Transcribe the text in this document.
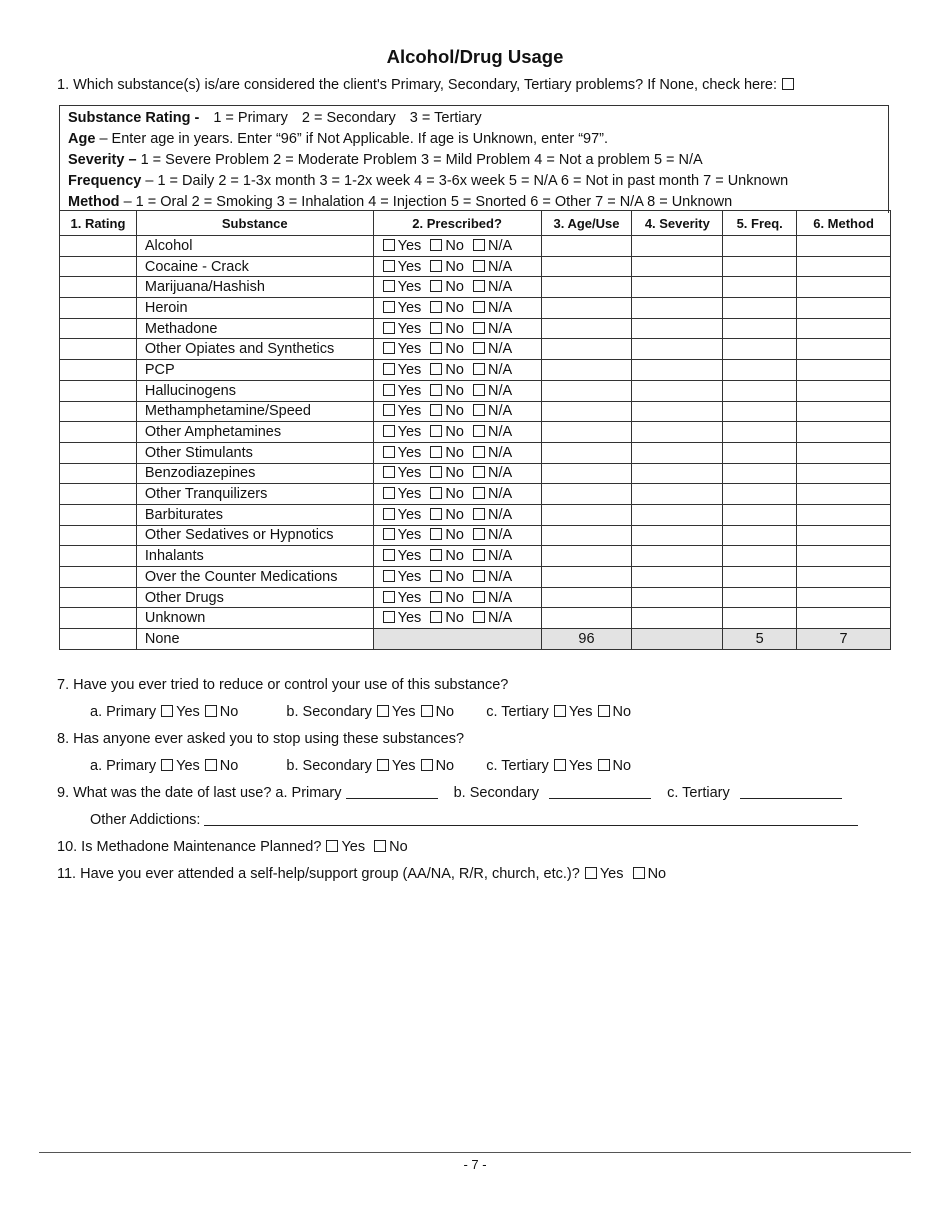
Alcohol/Drug Usage
1. Which substance(s) is/are considered the client's Primary, Secondary, Tertiary problems? If None, check here:
Substance Rating - 1 = Primary 2 = Secondary 3 = Tertiary
Age – Enter age in years. Enter “96” if Not Applicable. If age is Unknown, enter “97”.
Severity – 1 = Severe Problem 2 = Moderate Problem 3 = Mild Problem 4 = Not a problem 5 = N/A
Frequency – 1 = Daily 2 = 1-3x month 3 = 1-2x week 4 = 3-6x week 5 = N/A 6 = Not in past month 7 = Unknown
Method – 1 = Oral 2 = Smoking 3 = Inhalation 4 = Injection 5 = Snorted 6 = Other 7 = N/A 8 = Unknown
1. Rating	Substance	2. Prescribed?	3. Age/Use	4. Severity	5. Freq.	6. Method
	Alcohol	Yes No N/A				
	Cocaine - Crack	Yes No N/A				
	Marijuana/Hashish	Yes No N/A				
	Heroin	Yes No N/A				
	Methadone	Yes No N/A				
	Other Opiates and Synthetics	Yes No N/A				
	PCP	Yes No N/A				
	Hallucinogens	Yes No N/A				
	Methamphetamine/Speed	Yes No N/A				
	Other Amphetamines	Yes No N/A				
	Other Stimulants	Yes No N/A				
	Benzodiazepines	Yes No N/A				
	Other Tranquilizers	Yes No N/A				
	Barbiturates	Yes No N/A				
	Other Sedatives or Hypnotics	Yes No N/A				
	Inhalants	Yes No N/A				
	Over the Counter Medications	Yes No N/A				
	Other Drugs	Yes No N/A				
	Unknown	Yes No N/A				
	None		96		5	7
7. Have you ever tried to reduce or control your use of this substance?
a. Primary Yes No	b. Secondary Yes No c. Tertiary Yes No
8. Has anyone ever asked you to stop using these substances?
a. Primary Yes No	b. Secondary Yes No c. Tertiary Yes No
9. What was the date of last use? a. Primary	b. Secondary	c. Tertiary
Other Addictions:
10. Is Methadone Maintenance Planned? Yes No
11. Have you ever attended a self-help/support group (AA/NA, R/R, church, etc.)? Yes No
- 7 -
